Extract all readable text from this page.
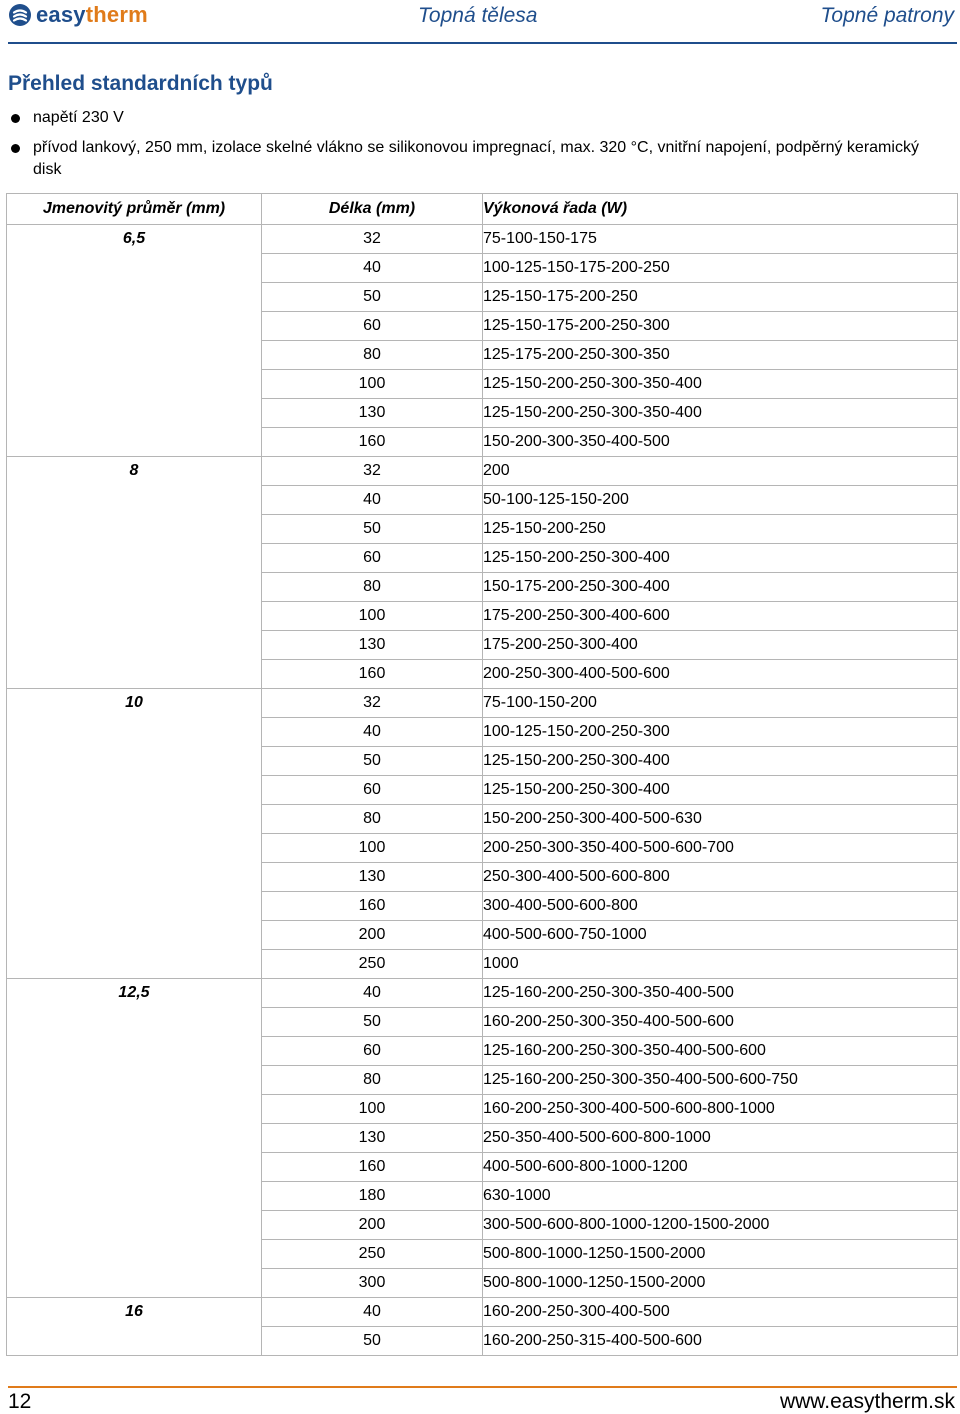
easytherm	Topná tělesa	Topné patrony
Přehled standardních typů
napětí 230 V
přívod lankový, 250 mm, izolace skelné vlákno se silikonovou impregnací, max. 320 °C, vnitřní napojení, podpěrný keramický disk
Jmenovitý průměr (mm)	Délka (mm)	Výkonová řada (W)
6,5	32	75-100-150-175
	40	100-125-150-175-200-250
	50	125-150-175-200-250
	60	125-150-175-200-250-300
	80	125-175-200-250-300-350
	100	125-150-200-250-300-350-400
	130	125-150-200-250-300-350-400
	160	150-200-300-350-400-500
8	32	200
	40	50-100-125-150-200
	50	125-150-200-250
	60	125-150-200-250-300-400
	80	150-175-200-250-300-400
	100	175-200-250-300-400-600
	130	175-200-250-300-400
	160	200-250-300-400-500-600
10	32	75-100-150-200
	40	100-125-150-200-250-300
	50	125-150-200-250-300-400
	60	125-150-200-250-300-400
	80	150-200-250-300-400-500-630
	100	200-250-300-350-400-500-600-700
	130	250-300-400-500-600-800
	160	300-400-500-600-800
	200	400-500-600-750-1000
	250	1000
12,5	40	125-160-200-250-300-350-400-500
	50	160-200-250-300-350-400-500-600
	60	125-160-200-250-300-350-400-500-600
	80	125-160-200-250-300-350-400-500-600-750
	100	160-200-250-300-400-500-600-800-1000
	130	250-350-400-500-600-800-1000
	160	400-500-600-800-1000-1200
	180	630-1000
	200	300-500-600-800-1000-1200-1500-2000
	250	500-800-1000-1250-1500-2000
	300	500-800-1000-1250-1500-2000
16	40	160-200-250-300-400-500
	50	160-200-250-315-400-500-600
12	www.easytherm.sk
